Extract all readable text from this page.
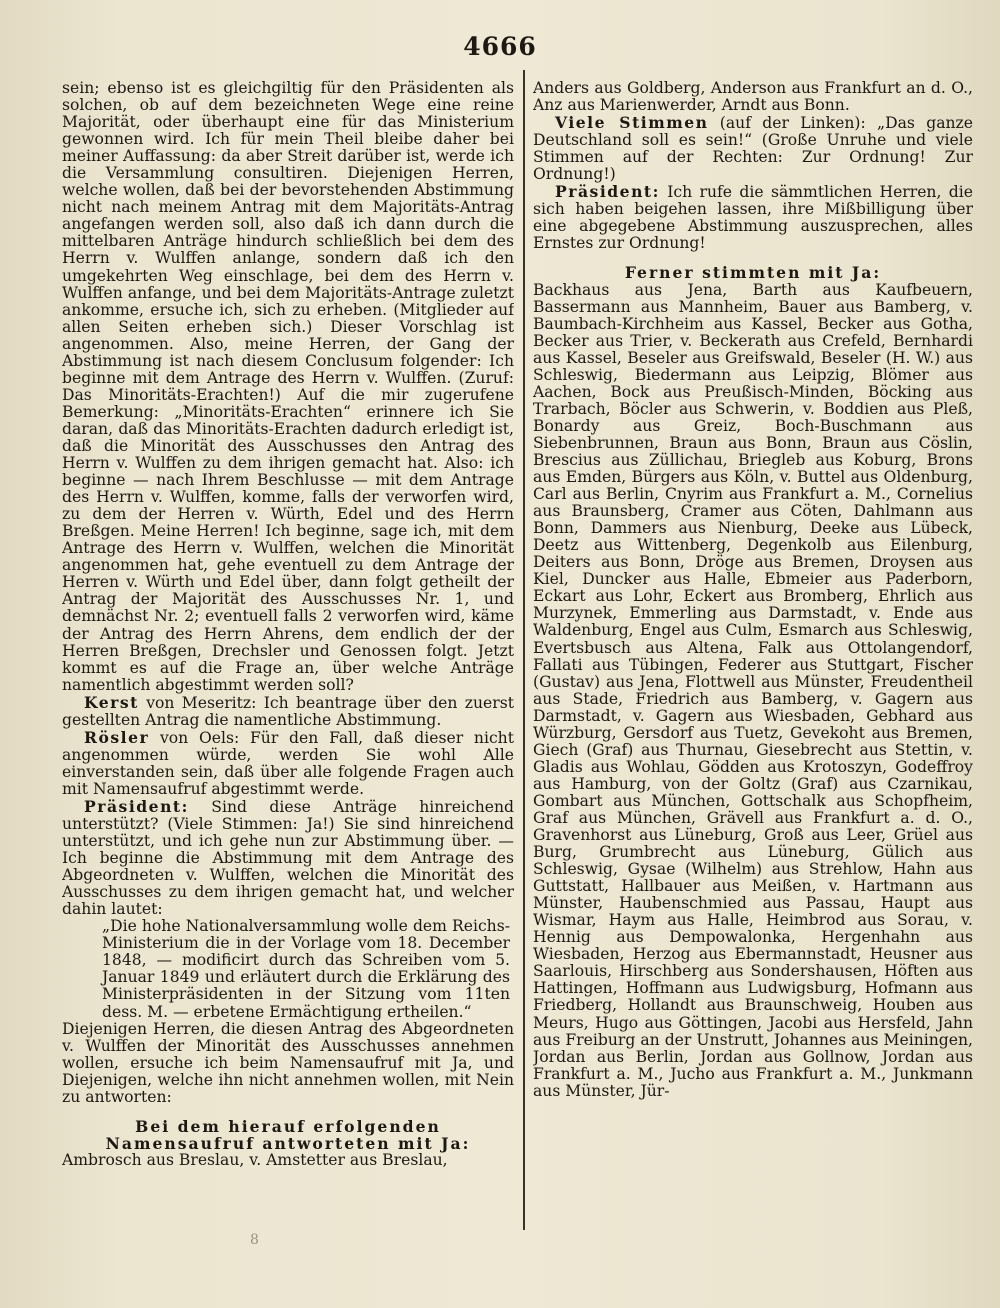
4666

sein; ebenso ist es gleichgiltig für den Präsidenten als solchen, ob auf dem bezeichneten Wege eine reine Majorität, oder überhaupt eine für das Ministerium gewonnen wird. Ich für mein Theil bleibe daher bei meiner Auffassung: da aber Streit darüber ist, werde ich die Versammlung consultiren. Diejenigen Herren, welche wollen, daß bei der bevorstehenden Abstimmung nicht nach meinem Antrag mit dem Majoritäts-Antrag angefangen werden soll, also daß ich dann durch die mittelbaren Anträge hindurch schließlich bei dem des Herrn v. Wulffen anlange, sondern daß ich den umgekehrten Weg einschlage, bei dem des Herrn v. Wulffen anfange, und bei dem Majoritäts-Antrage zuletzt ankomme, ersuche ich, sich zu erheben. (Mitglieder auf allen Seiten erheben sich.) Dieser Vorschlag ist angenommen. Also, meine Herren, der Gang der Abstimmung ist nach diesem Conclusum folgender: Ich beginne mit dem Antrage des Herrn v. Wulffen. (Zuruf: Das Minoritäts-Erachten!) Auf die mir zugerufene Bemerkung: „Minoritäts-Erachten“ erinnere ich Sie daran, daß das Minoritäts-Erachten dadurch erledigt ist, daß die Minorität des Ausschusses den Antrag des Herrn v. Wulffen zu dem ihrigen gemacht hat. Also: ich beginne — nach Ihrem Beschlusse — mit dem Antrage des Herrn v. Wulffen, komme, falls der verworfen wird, zu dem der Herren v. Würth, Edel und des Herrn Breßgen. Meine Herren! Ich beginne, sage ich, mit dem Antrage des Herrn v. Wulffen, welchen die Minorität angenommen hat, gehe eventuell zu dem Antrage der Herren v. Würth und Edel über, dann folgt getheilt der Antrag der Majorität des Ausschusses Nr. 1, und demnächst Nr. 2; eventuell falls 2 verworfen wird, käme der Antrag des Herrn Ahrens, dem endlich der der Herren Breßgen, Drechsler und Genossen folgt. Jetzt kommt es auf die Frage an, über welche Anträge namentlich abgestimmt werden soll?

Kerst von Meseritz: Ich beantrage über den zuerst gestellten Antrag die namentliche Abstimmung.

Rösler von Oels: Für den Fall, daß dieser nicht angenommen würde, werden Sie wohl Alle einverstanden sein, daß über alle folgende Fragen auch mit Namensaufruf abgestimmt werde.

Präsident: Sind diese Anträge hinreichend unterstützt? (Viele Stimmen: Ja!) Sie sind hinreichend unterstützt, und ich gehe nun zur Abstimmung über. — Ich beginne die Abstimmung mit dem Antrage des Abgeordneten v. Wulffen, welchen die Minorität des Ausschusses zu dem ihrigen gemacht hat, und welcher dahin lautet:

„Die hohe Nationalversammlung wolle dem Reichs-Ministerium die in der Vorlage vom 18. December 1848, — modificirt durch das Schreiben vom 5. Januar 1849 und erläutert durch die Erklärung des Ministerpräsidenten in der Sitzung vom 11ten dess. M. — erbetene Ermächtigung ertheilen.“

Diejenigen Herren, die diesen Antrag des Abgeordneten v. Wulffen der Minorität des Ausschusses annehmen wollen, ersuche ich beim Namensaufruf mit Ja, und Diejenigen, welche ihn nicht annehmen wollen, mit Nein zu antworten:

Bei dem hierauf erfolgenden Namensaufruf antworteten mit Ja:

Ambrosch aus Breslau, v. Amstetter aus Breslau,

Anders aus Goldberg, Anderson aus Frankfurt an d. O., Anz aus Marienwerder, Arndt aus Bonn.

Viele Stimmen (auf der Linken): „Das ganze Deutschland soll es sein!“ (Große Unruhe und viele Stimmen auf der Rechten: Zur Ordnung! Zur Ordnung!)

Präsident: Ich rufe die sämmtlichen Herren, die sich haben beigehen lassen, ihre Mißbilligung über eine abgegebene Abstimmung auszusprechen, alles Ernstes zur Ordnung!

Ferner stimmten mit Ja:

Backhaus aus Jena, Barth aus Kaufbeuern, Bassermann aus Mannheim, Bauer aus Bamberg, v. Baumbach-Kirchheim aus Kassel, Becker aus Gotha, Becker aus Trier, v. Beckerath aus Crefeld, Bernhardi aus Kassel, Beseler aus Greifswald, Beseler (H. W.) aus Schleswig, Biedermann aus Leipzig, Blömer aus Aachen, Bock aus Preußisch-Minden, Böcking aus Trarbach, Böcler aus Schwerin, v. Boddien aus Pleß, Bonardy aus Greiz, Boch-Buschmann aus Siebenbrunnen, Braun aus Bonn, Braun aus Cöslin, Brescius aus Züllichau, Briegleb aus Koburg, Brons aus Emden, Bürgers aus Köln, v. Buttel aus Oldenburg, Carl aus Berlin, Cnyrim aus Frankfurt a. M., Cornelius aus Braunsberg, Cramer aus Cöten, Dahlmann aus Bonn, Dammers aus Nienburg, Deeke aus Lübeck, Deetz aus Wittenberg, Degenkolb aus Eilenburg, Deiters aus Bonn, Dröge aus Bremen, Droysen aus Kiel, Duncker aus Halle, Ebmeier aus Paderborn, Eckart aus Lohr, Eckert aus Bromberg, Ehrlich aus Murzynek, Emmerling aus Darmstadt, v. Ende aus Waldenburg, Engel aus Culm, Esmarch aus Schleswig, Evertsbusch aus Altena, Falk aus Ottolangendorf, Fallati aus Tübingen, Federer aus Stuttgart, Fischer (Gustav) aus Jena, Flottwell aus Münster, Freudentheil aus Stade, Friedrich aus Bamberg, v. Gagern aus Darmstadt, v. Gagern aus Wiesbaden, Gebhard aus Würzburg, Gersdorf aus Tuetz, Gevekoht aus Bremen, Giech (Graf) aus Thurnau, Giesebrecht aus Stettin, v. Gladis aus Wohlau, Gödden aus Krotoszyn, Godeffroy aus Hamburg, von der Goltz (Graf) aus Czarnikau, Gombart aus München, Gottschalk aus Schopfheim, Graf aus München, Grävell aus Frankfurt a. d. O., Gravenhorst aus Lüneburg, Groß aus Leer, Grüel aus Burg, Grumbrecht aus Lüneburg, Gülich aus Schleswig, Gysae (Wilhelm) aus Strehlow, Hahn aus Guttstatt, Hallbauer aus Meißen, v. Hartmann aus Münster, Haubenschmied aus Passau, Haupt aus Wismar, Haym aus Halle, Heimbrod aus Sorau, v. Hennig aus Dempowalonka, Hergenhahn aus Wiesbaden, Herzog aus Ebermannstadt, Heusner aus Saarlouis, Hirschberg aus Sondershausen, Höften aus Hattingen, Hoffmann aus Ludwigsburg, Hofmann aus Friedberg, Hollandt aus Braunschweig, Houben aus Meurs, Hugo aus Göttingen, Jacobi aus Hersfeld, Jahn aus Freiburg an der Unstrutt, Johannes aus Meiningen, Jordan aus Berlin, Jordan aus Gollnow, Jordan aus Frankfurt a. M., Jucho aus Frankfurt a. M., Junkmann aus Münster, Jür-

8
